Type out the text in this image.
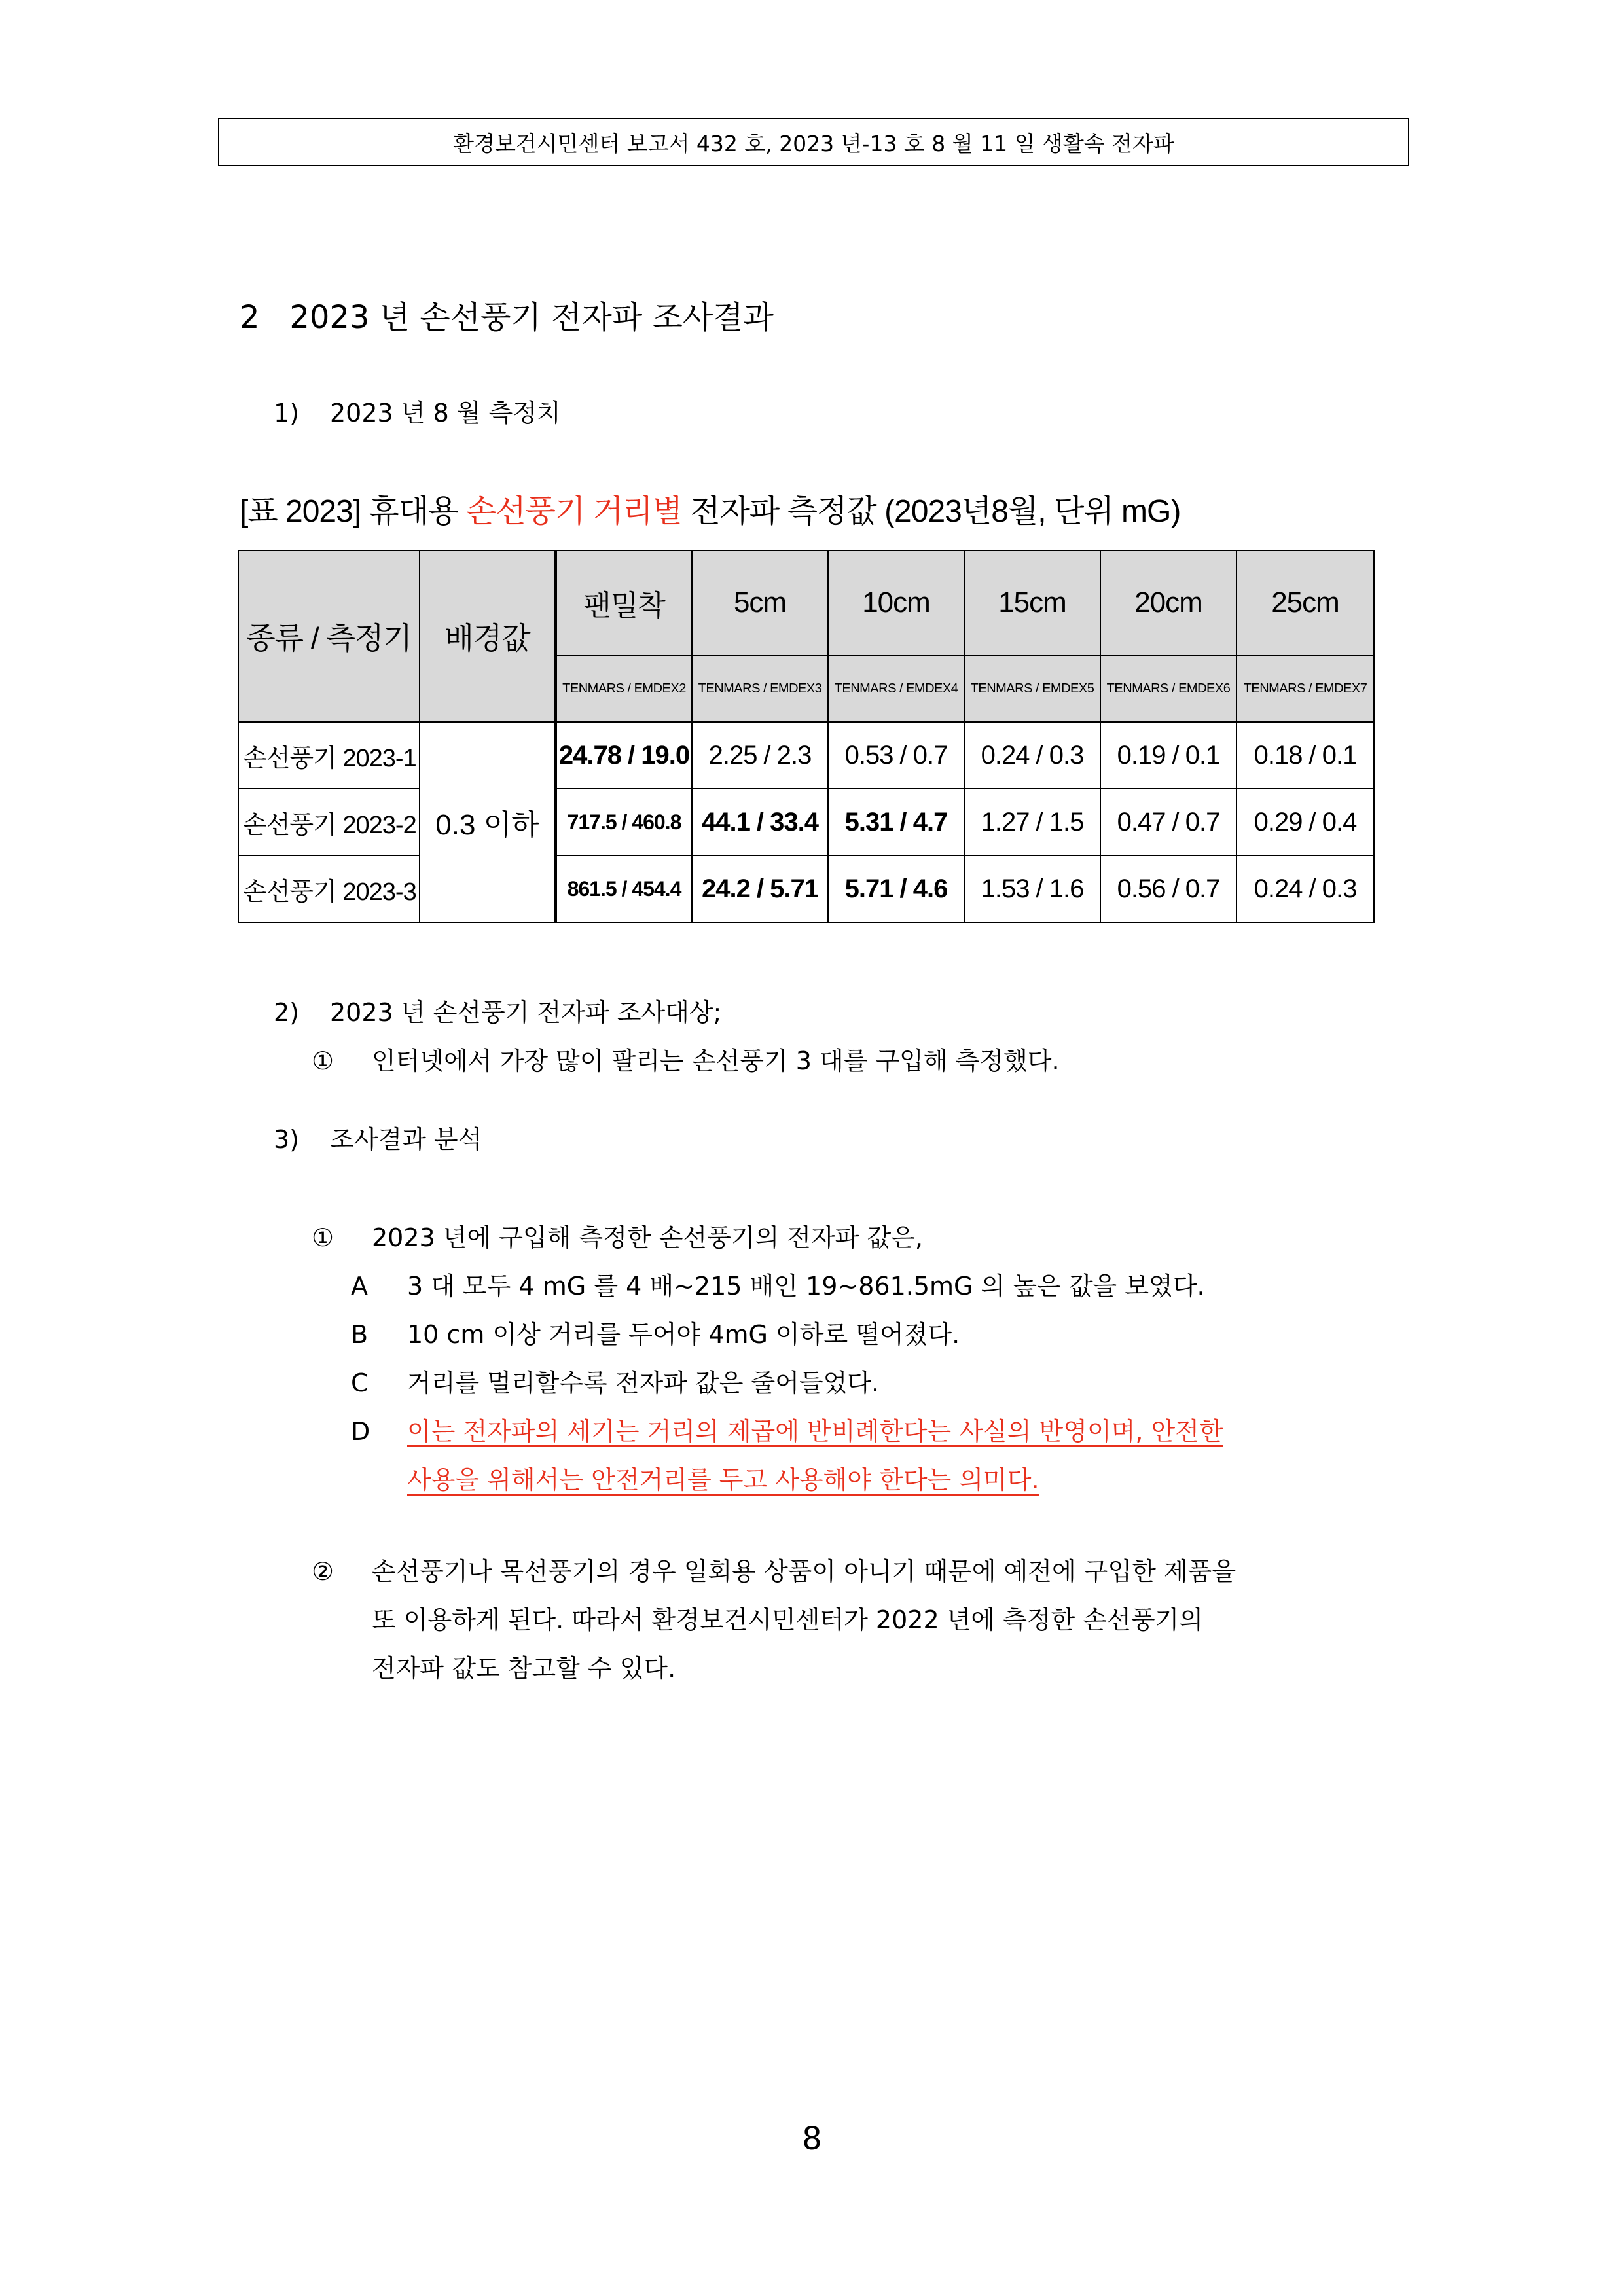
환경보건시민센터 보고서 432 호, 2023 년-13 호 8 월 11 일 생활속 전자파
2   2023 년 손선풍기 전자파 조사결과
1) 2023 년 8 월 측정치
[표 2023] 휴대용 손선풍기 거리별 전자파 측정값 (2023년8월, 단위 mG)
종류 / 측정기	배경값	팬밀착	5cm	10cm	15cm	20cm	25cm
		TENMARS / EMDEX2	TENMARS / EMDEX3	TENMARS / EMDEX4	TENMARS / EMDEX5	TENMARS / EMDEX6	TENMARS / EMDEX7
손선풍기 2023-1	0.3 이하	24.78 / 19.0	2.25 / 2.3	0.53 / 0.7	0.24 / 0.3	0.19 / 0.1	0.18 / 0.1
손선풍기 2023-2		717.5 / 460.8	44.1 / 33.4	5.31 / 4.7	1.27 / 1.5	0.47 / 0.7	0.29 / 0.4
손선풍기 2023-3		861.5 / 454.4	24.2 / 5.71	5.71 / 4.6	1.53 / 1.6	0.56 / 0.7	0.24 / 0.3
2) 2023 년 손선풍기 전자파 조사대상;
① 인터넷에서 가장 많이 팔리는 손선풍기 3 대를 구입해 측정했다.
3) 조사결과 분석
① 2023 년에 구입해 측정한 손선풍기의 전자파 값은,
A 3 대 모두 4 mG 를 4 배~215 배인 19~861.5mG 의 높은 값을 보였다.
B 10 cm 이상 거리를 두어야 4mG 이하로 떨어졌다.
C 거리를 멀리할수록 전자파 값은 줄어들었다.
D 이는 전자파의 세기는 거리의 제곱에 반비례한다는 사실의 반영이며, 안전한
사용을 위해서는 안전거리를 두고 사용해야 한다는 의미다.
② 손선풍기나 목선풍기의 경우 일회용 상품이 아니기 때문에 예전에 구입한 제품을
또 이용하게 된다. 따라서 환경보건시민센터가 2022 년에 측정한 손선풍기의
전자파 값도 참고할 수 있다.
8
